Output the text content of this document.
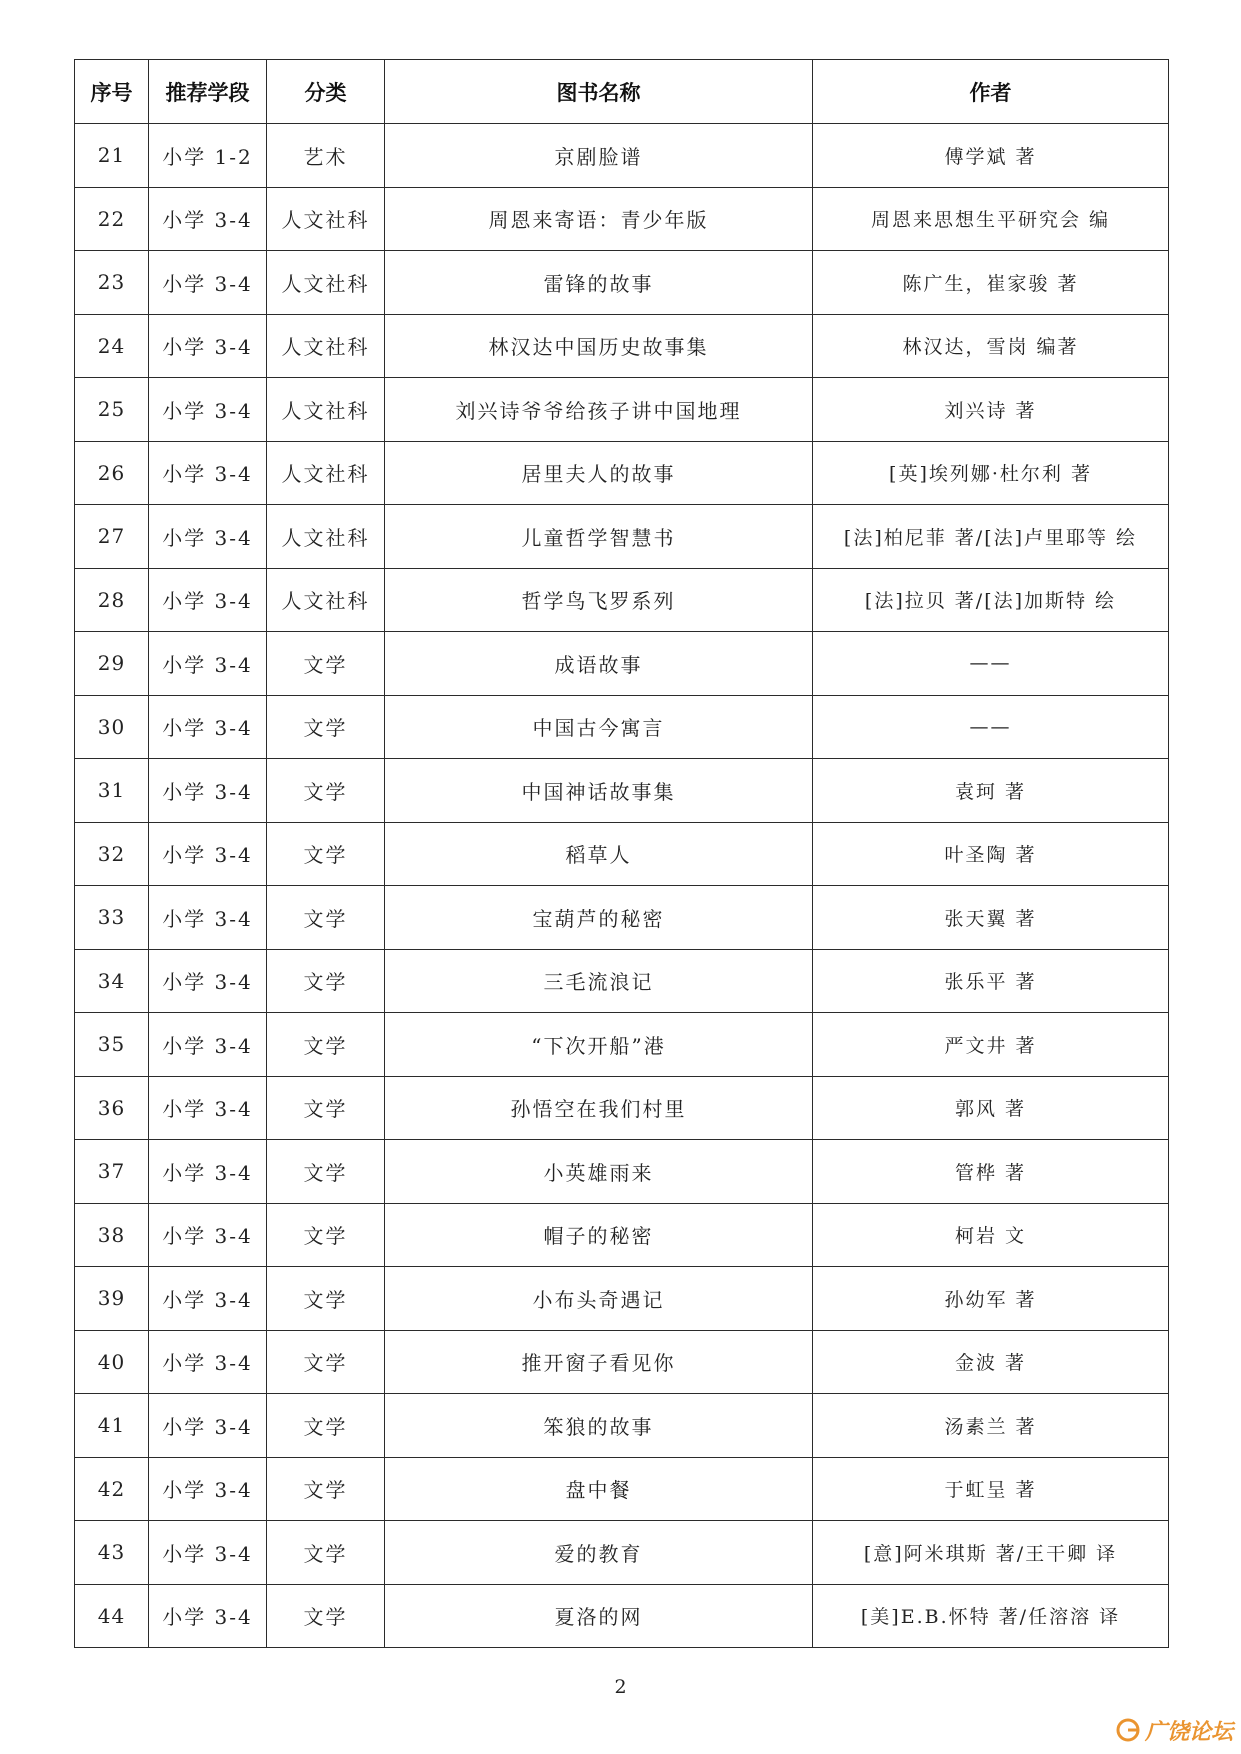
序号	推荐学段	分类	图书名称	作者
21	小学 1-2	艺术	京剧脸谱	傅学斌 著
22	小学 3-4	人文社科	周恩来寄语：青少年版	周恩来思想生平研究会 编
23	小学 3-4	人文社科	雷锋的故事	陈广生，崔家骏 著
24	小学 3-4	人文社科	林汉达中国历史故事集	林汉达，雪岗 编著
25	小学 3-4	人文社科	刘兴诗爷爷给孩子讲中国地理	刘兴诗 著
26	小学 3-4	人文社科	居里夫人的故事	[英]埃列娜·杜尔利 著
27	小学 3-4	人文社科	儿童哲学智慧书	[法]柏尼菲 著/[法]卢里耶等 绘
28	小学 3-4	人文社科	哲学鸟飞罗系列	[法]拉贝 著/[法]加斯特 绘
29	小学 3-4	文学	成语故事	——
30	小学 3-4	文学	中国古今寓言	——
31	小学 3-4	文学	中国神话故事集	袁珂 著
32	小学 3-4	文学	稻草人	叶圣陶 著
33	小学 3-4	文学	宝葫芦的秘密	张天翼 著
34	小学 3-4	文学	三毛流浪记	张乐平 著
35	小学 3-4	文学	“下次开船”港	严文井 著
36	小学 3-4	文学	孙悟空在我们村里	郭风 著
37	小学 3-4	文学	小英雄雨来	管桦 著
38	小学 3-4	文学	帽子的秘密	柯岩 文
39	小学 3-4	文学	小布头奇遇记	孙幼军 著
40	小学 3-4	文学	推开窗子看见你	金波 著
41	小学 3-4	文学	笨狼的故事	汤素兰 著
42	小学 3-4	文学	盘中餐	于虹呈 著
43	小学 3-4	文学	爱的教育	[意]阿米琪斯 著/王干卿 译
44	小学 3-4	文学	夏洛的网	[美]E.B.怀特 著/任溶溶 译
2
广饶论坛
